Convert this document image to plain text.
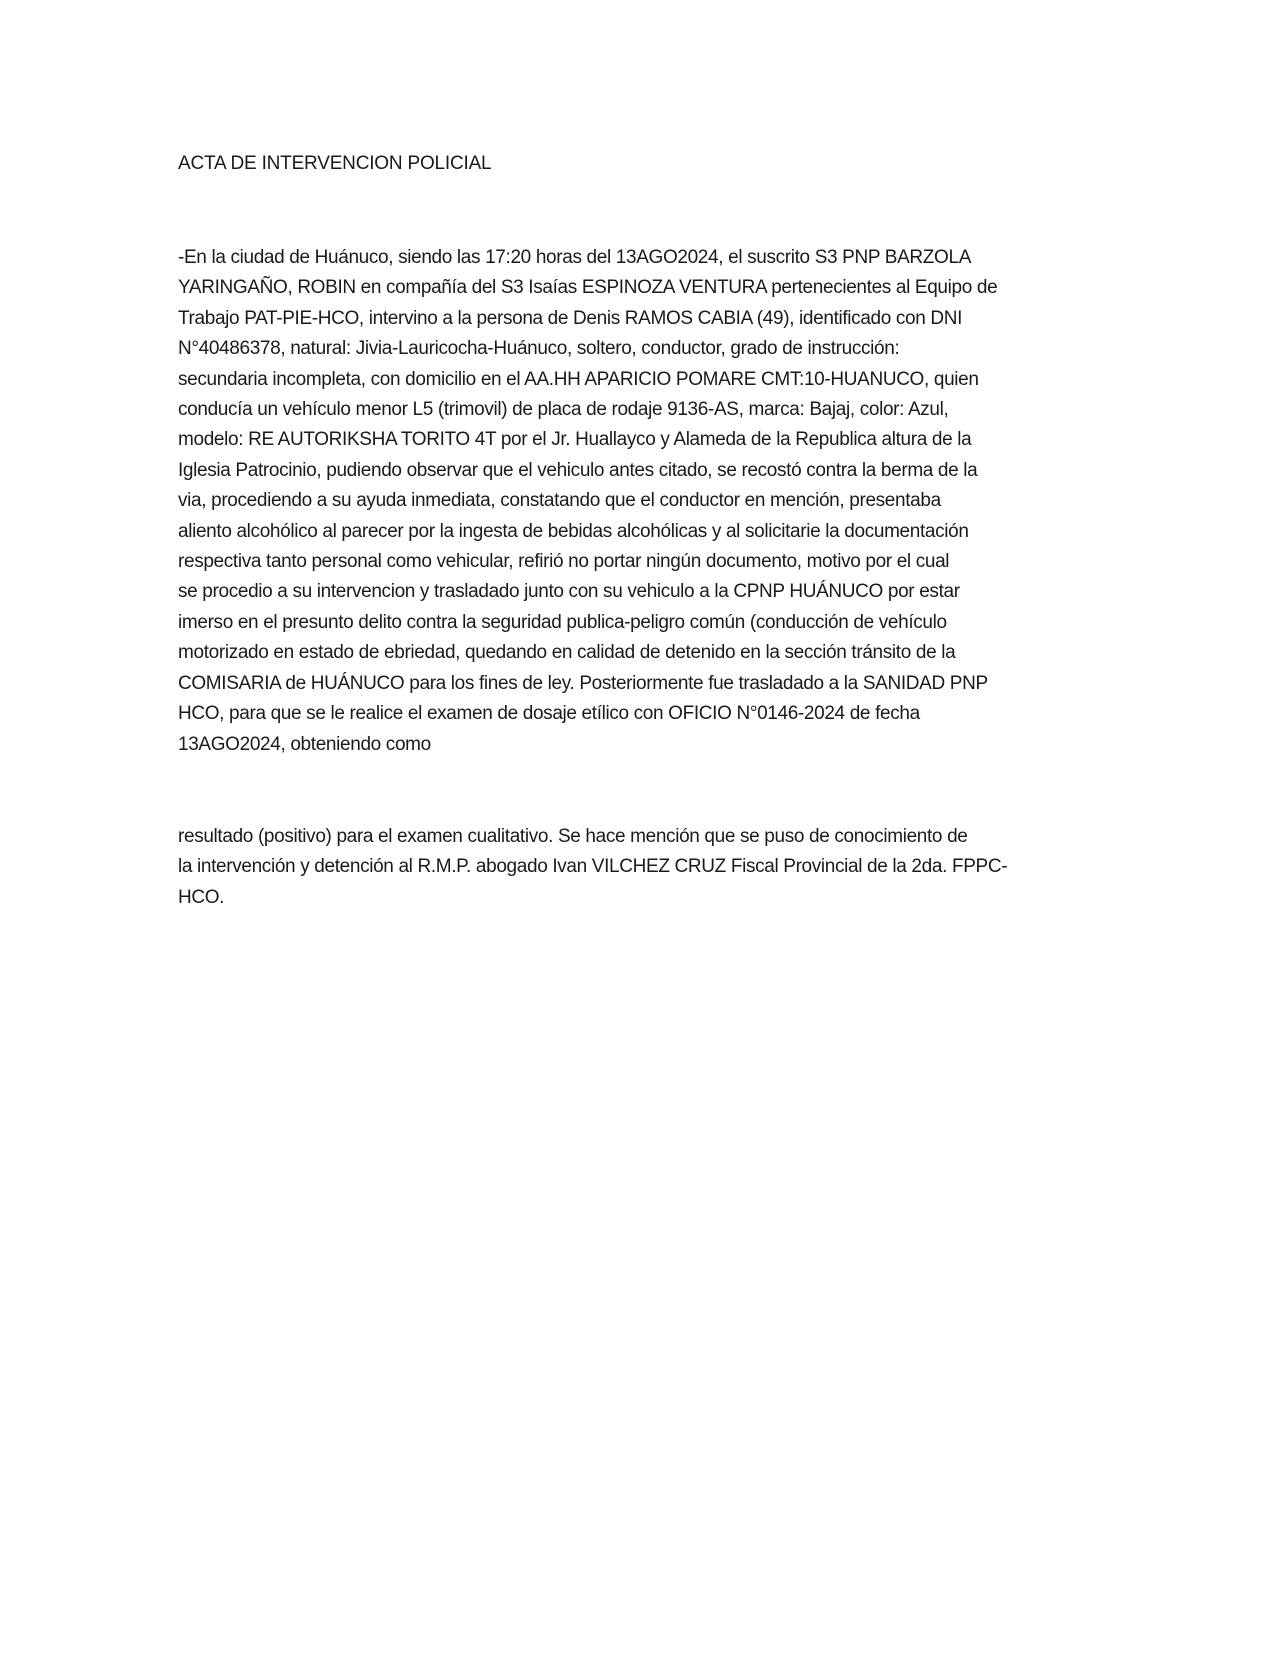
ACTA DE INTERVENCION POLICIAL

-En la ciudad de Huánuco, siendo las 17:20 horas del 13AGO2024, el suscrito S3 PNP BARZOLA
YARINGAÑO, ROBIN en compañía del S3 Isaías ESPINOZA VENTURA pertenecientes al Equipo de
Trabajo PAT-PIE-HCO, intervino a la persona de Denis RAMOS CABIA (49), identificado con DNI
N°40486378, natural: Jivia-Lauricocha-Huánuco, soltero, conductor, grado de instrucción:
secundaria incompleta, con domicilio en el AA.HH APARICIO POMARE CMT:10-HUANUCO, quien
conducía un vehículo menor L5 (trimovil) de placa de rodaje 9136-AS, marca: Bajaj, color: Azul,
modelo: RE AUTORIKSHA TORITO 4T por el Jr. Huallayco y Alameda de la Republica altura de la
Iglesia Patrocinio, pudiendo observar que el vehiculo antes citado, se recostó contra la berma de la
via, procediendo a su ayuda inmediata, constatando que el conductor en mención, presentaba
aliento alcohólico al parecer por la ingesta de bebidas alcohólicas y al solicitarie la documentación
respectiva tanto personal como vehicular, refirió no portar ningún documento, motivo por el cual
se procedio a su intervencion y trasladado junto con su vehiculo a la CPNP HUÁNUCO por estar
imerso en el presunto delito contra la seguridad publica-peligro común (conducción de vehículo
motorizado en estado de ebriedad, quedando en calidad de detenido en la sección tránsito de la
COMISARIA de HUÁNUCO para los fines de ley. Posteriormente fue trasladado a la SANIDAD PNP
HCO, para que se le realice el examen de dosaje etílico con OFICIO N°0146-2024 de fecha
13AGO2024, obteniendo como

resultado (positivo) para el examen cualitativo. Se hace mención que se puso de conocimiento de
la intervención y detención al R.M.P. abogado Ivan VILCHEZ CRUZ Fiscal Provincial de la 2da. FPPC-
HCO.
